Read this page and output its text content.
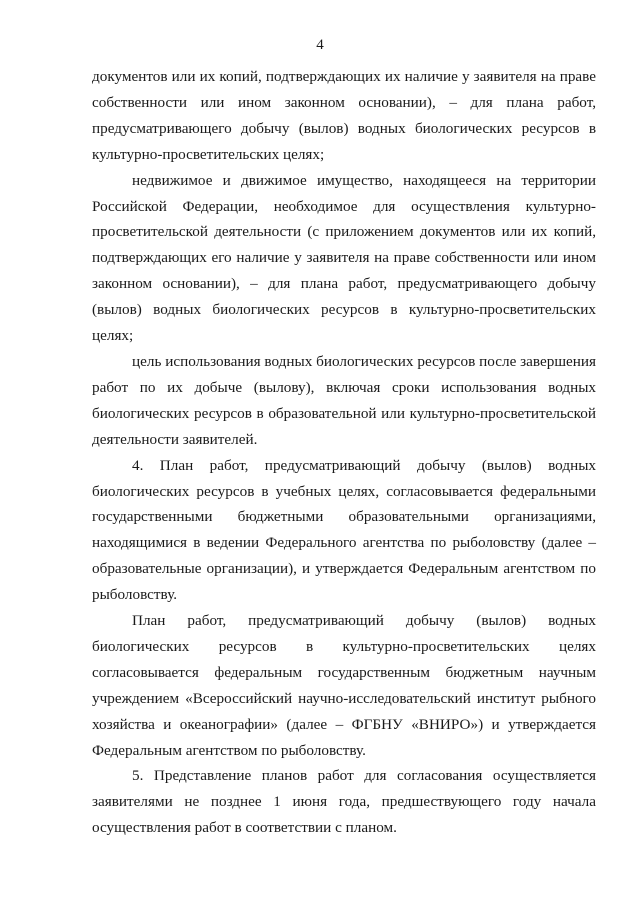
4

документов или их копий, подтверждающих их наличие у заявителя на праве собственности или ином законном основании), – для плана работ, предусматривающего добычу (вылов) водных биологических ресурсов в культурно-просветительских целях;

недвижимое и движимое имущество, находящееся на территории Российской Федерации, необходимое для осуществления культурно-просветительской деятельности (с приложением документов или их копий, подтверждающих его наличие у заявителя на праве собственности или ином законном основании), – для плана работ, предусматривающего добычу (вылов) водных биологических ресурсов в культурно-просветительских целях;

цель использования водных биологических ресурсов после завершения работ по их добыче (вылову), включая сроки использования водных биологических ресурсов в образовательной или культурно-просветительской деятельности заявителей.

4. План работ, предусматривающий добычу (вылов) водных биологических ресурсов в учебных целях, согласовывается федеральными государственными бюджетными образовательными организациями, находящимися в ведении Федерального агентства по рыболовству (далее – образовательные организации), и утверждается Федеральным агентством по рыболовству.

План работ, предусматривающий добычу (вылов) водных биологических ресурсов в культурно-просветительских целях согласовывается федеральным государственным бюджетным научным учреждением «Всероссийский научно-исследовательский институт рыбного хозяйства и океанографии» (далее – ФГБНУ «ВНИРО») и утверждается Федеральным агентством по рыболовству.

5. Представление планов работ для согласования осуществляется заявителями не позднее 1 июня года, предшествующего году начала осуществления работ в соответствии с планом.
